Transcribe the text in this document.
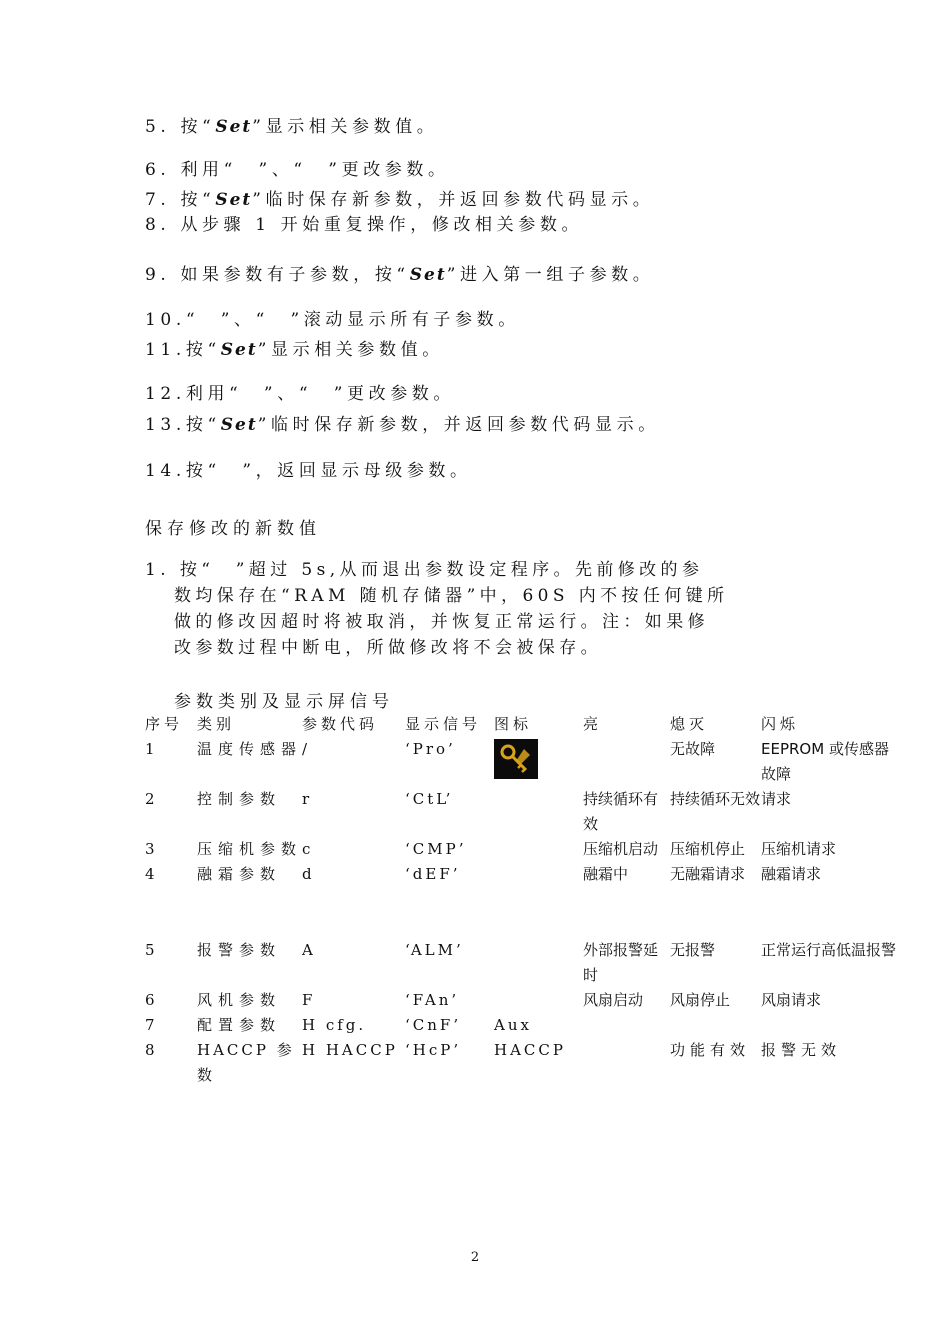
5. 按“Set”显示相关参数值。
6. 利用“　”、“　”更改参数。
7. 按“Set”临时保存新参数，并返回参数代码显示。
8. 从步骤 1 开始重复操作，修改相关参数。
9. 如果参数有子参数，按“Set”进入第一组子参数。
10.“　”、“　”滚动显示所有子参数。
11.按“Set”显示相关参数值。
12.利用“　”、“　”更改参数。
13.按“Set”临时保存新参数，并返回参数代码显示。
14.按“　”，返回显示母级参数。
保存修改的新数值
1. 按“　”超过 5s,从而退出参数设定程序。先前修改的参
数均保存在“RAM 随机存储器”中，60S 内不按任何键所
做的修改因超时将被取消，并恢复正常运行。注：如果修
改参数过程中断电，所做修改将不会被保存。
参数类别及显示屏信号
序号	类别	参数代码	显示信号	图标	亮	熄灭	闪烁
1	温度传感器	/	‘Pro’			无故障	EEPROM 或传感器故障
2	控制参数	r	‘CtL’		持续循环有效	持续循环无效	请求
3	压缩机参数	c	‘CMP’		压缩机启动	压缩机停止	压缩机请求
4	融霜参数	d	‘dEF’		融霜中	无融霜请求	融霜请求
5	报警参数	A	‘ALM’		外部报警延时	无报警	正常运行高低温报警
6	风机参数	F	‘FAn’		风扇启动	风扇停止	风扇请求
7	配置参数	H cfg.	‘CnF’	Aux			
8	HACCP 参数	H HACCP	‘HcP’	HACCP		功能有效	报警无效
2
